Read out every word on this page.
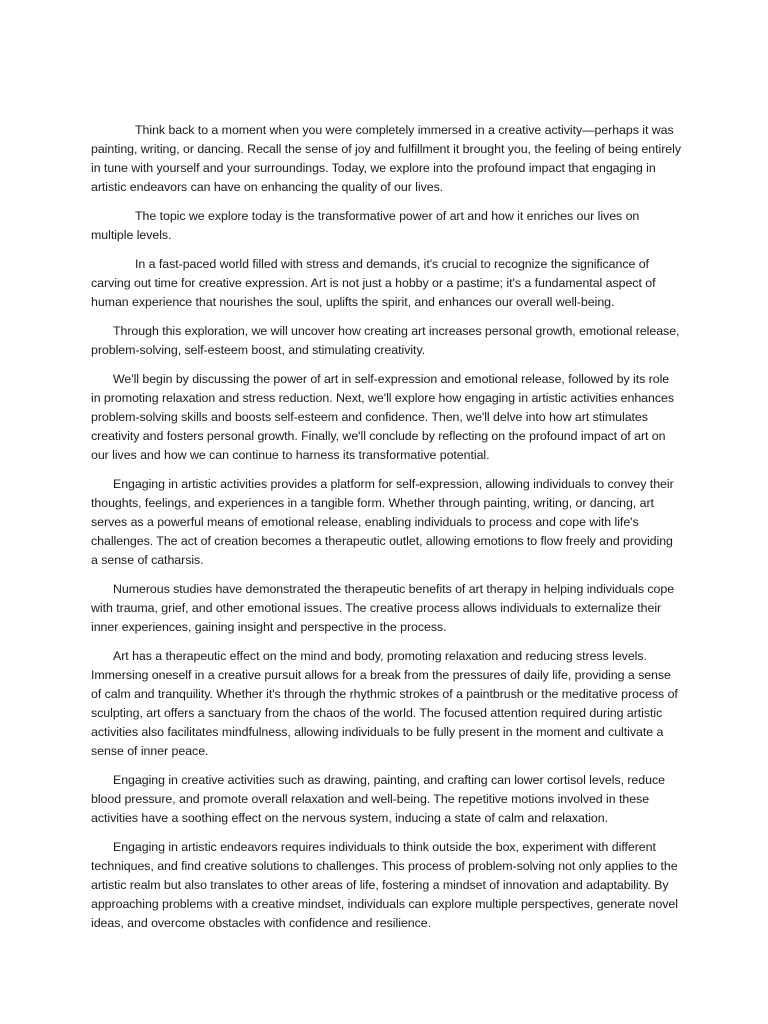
Think back to a moment when you were completely immersed in a creative activity—perhaps it was painting, writing, or dancing. Recall the sense of joy and fulfillment it brought you, the feeling of being entirely in tune with yourself and your surroundings. Today, we explore into the profound impact that engaging in artistic endeavors can have on enhancing the quality of our lives.

The topic we explore today is the transformative power of art and how it enriches our lives on multiple levels.

In a fast-paced world filled with stress and demands, it's crucial to recognize the significance of carving out time for creative expression. Art is not just a hobby or a pastime; it's a fundamental aspect of human experience that nourishes the soul, uplifts the spirit, and enhances our overall well-being.

Through this exploration, we will uncover how creating art increases personal growth, emotional release, problem-solving, self-esteem boost, and stimulating creativity.

We'll begin by discussing the power of art in self-expression and emotional release, followed by its role in promoting relaxation and stress reduction. Next, we'll explore how engaging in artistic activities enhances problem-solving skills and boosts self-esteem and confidence. Then, we'll delve into how art stimulates creativity and fosters personal growth. Finally, we'll conclude by reflecting on the profound impact of art on our lives and how we can continue to harness its transformative potential.

Engaging in artistic activities provides a platform for self-expression, allowing individuals to convey their thoughts, feelings, and experiences in a tangible form. Whether through painting, writing, or dancing, art serves as a powerful means of emotional release, enabling individuals to process and cope with life's challenges. The act of creation becomes a therapeutic outlet, allowing emotions to flow freely and providing a sense of catharsis.

Numerous studies have demonstrated the therapeutic benefits of art therapy in helping individuals cope with trauma, grief, and other emotional issues. The creative process allows individuals to externalize their inner experiences, gaining insight and perspective in the process.

Art has a therapeutic effect on the mind and body, promoting relaxation and reducing stress levels. Immersing oneself in a creative pursuit allows for a break from the pressures of daily life, providing a sense of calm and tranquility. Whether it's through the rhythmic strokes of a paintbrush or the meditative process of sculpting, art offers a sanctuary from the chaos of the world. The focused attention required during artistic activities also facilitates mindfulness, allowing individuals to be fully present in the moment and cultivate a sense of inner peace.

Engaging in creative activities such as drawing, painting, and crafting can lower cortisol levels, reduce blood pressure, and promote overall relaxation and well-being. The repetitive motions involved in these activities have a soothing effect on the nervous system, inducing a state of calm and relaxation.

Engaging in artistic endeavors requires individuals to think outside the box, experiment with different techniques, and find creative solutions to challenges. This process of problem-solving not only applies to the artistic realm but also translates to other areas of life, fostering a mindset of innovation and adaptability. By approaching problems with a creative mindset, individuals can explore multiple perspectives, generate novel ideas, and overcome obstacles with confidence and resilience.
